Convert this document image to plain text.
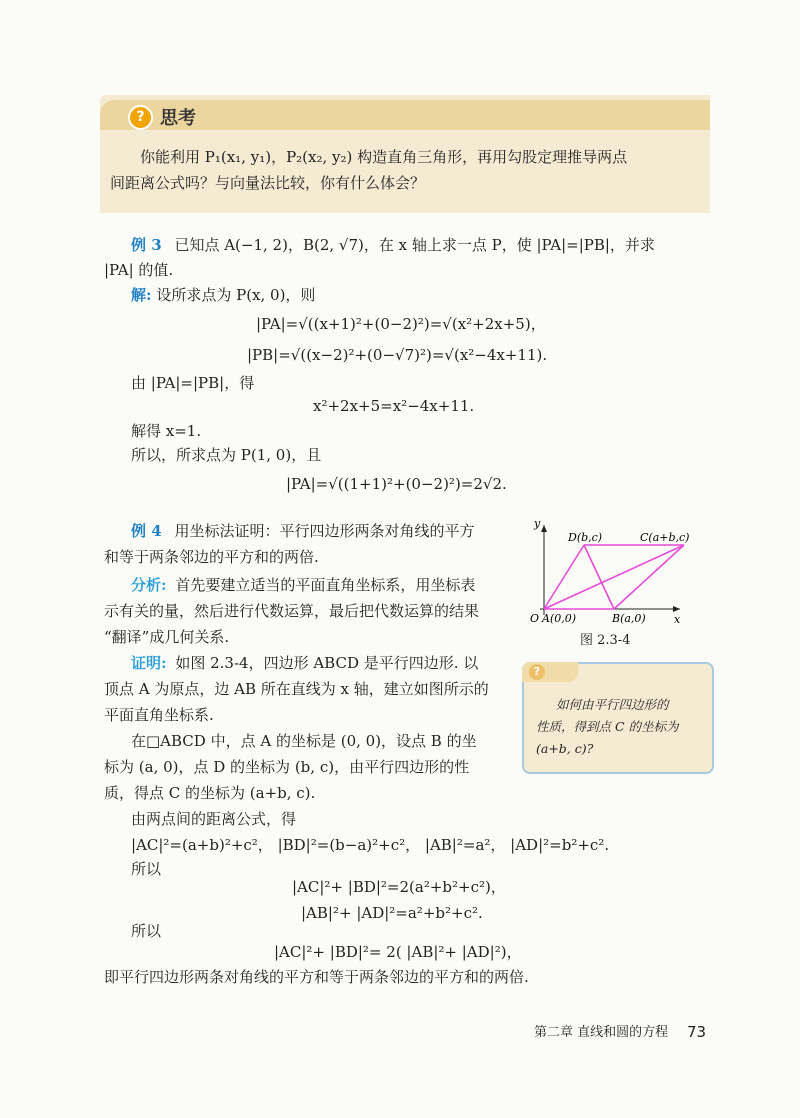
? 思考
你能利用 P₁(x₁, y₁)，P₂(x₂, y₂) 构造直角三角形，再用勾股定理推导两点
间距离公式吗？与向量法比较，你有什么体会？
例 3 已知点 A(−1, 2)，B(2, √7)，在 x 轴上求一点 P，使 |PA|=|PB|，并求
|PA| 的值.
解: 设所求点为 P(x, 0)，则
|PA|=√((x+1)²+(0−2)²)=√(x²+2x+5)，
|PB|=√((x−2)²+(0−√7)²)=√(x²−4x+11).
由 |PA|=|PB|，得
x²+2x+5=x²−4x+11.
解得 x=1.
所以，所求点为 P(1, 0)，且
|PA|=√((1+1)²+(0−2)²)=2√2.
例 4 用坐标法证明：平行四边形两条对角线的平方
和等于两条邻边的平方和的两倍.
分析: 首先要建立适当的平面直角坐标系，用坐标表
示有关的量，然后进行代数运算，最后把代数运算的结果
“翻译”成几何关系.
证明: 如图 2.3-4，四边形 ABCD 是平行四边形. 以
顶点 A 为原点，边 AB 所在直线为 x 轴，建立如图所示的
平面直角坐标系.
在□ABCD 中，点 A 的坐标是 (0, 0)，设点 B 的坐
标为 (a, 0)，点 D 的坐标为 (b, c)，由平行四边形的性
质，得点 C 的坐标为 (a+b, c).
由两点间的距离公式，得
|AC|²=(a+b)²+c²， |BD|²=(b−a)²+c²， |AB|²=a²， |AD|²=b²+c².
所以
|AC|²+ |BD|²=2(a²+b²+c²)，
|AB|²+ |AD|²=a²+b²+c².
所以
|AC|²+ |BD|²= 2( |AB|²+ |AD|²)，
即平行四边形两条对角线的平方和等于两条邻边的平方和的两倍.
y
x
O A(0,0)	B(a,0)
C(a+b,c)
D(b,c)
图 2.3-4
?
如何由平行四边形的
性质，得到点 C 的坐标为
(a+b, c)?
第二章 直线和圆的方程 73
